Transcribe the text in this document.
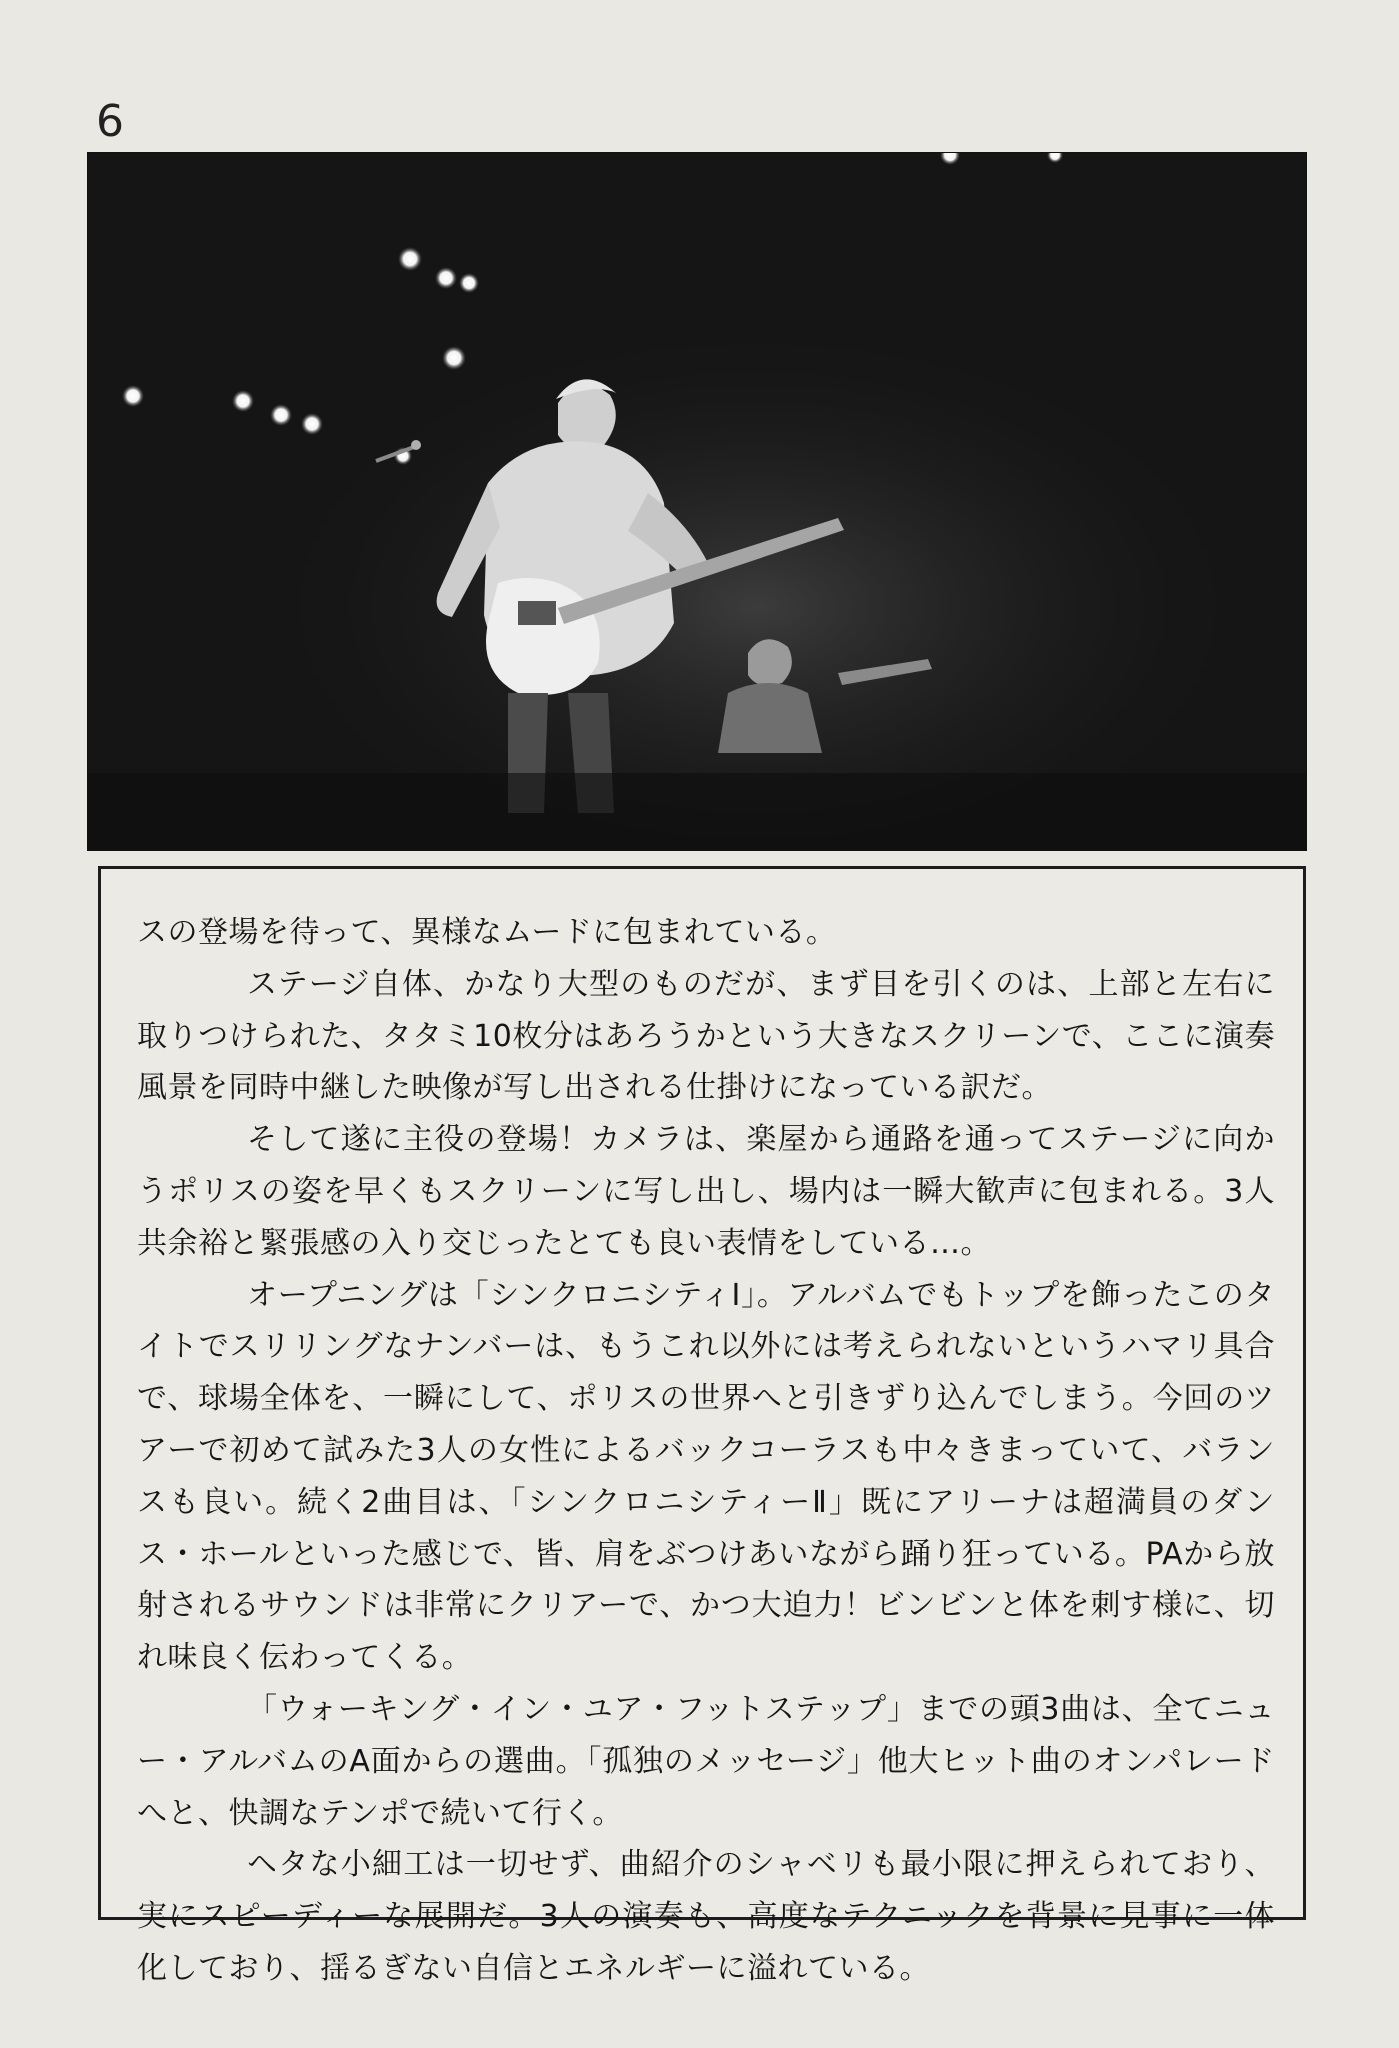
6

スの登場を待って、異様なムードに包まれている。

ステージ自体、かなり大型のものだが、まず目を引くのは、上部と左右に取りつけられた、タタミ10枚分はあろうかという大きなスクリーンで、ここに演奏風景を同時中継した映像が写し出される仕掛けになっている訳だ。

そして遂に主役の登場！カメラは、楽屋から通路を通ってステージに向かうポリスの姿を早くもスクリーンに写し出し、場内は一瞬大歓声に包まれる。3人共余裕と緊張感の入り交じったとても良い表情をしている…。

オープニングは「シンクロニシティⅠ」。アルバムでもトップを飾ったこのタイトでスリリングなナンバーは、もうこれ以外には考えられないというハマリ具合で、球場全体を、一瞬にして、ポリスの世界へと引きずり込んでしまう。今回のツアーで初めて試みた3人の女性によるバックコーラスも中々きまっていて、バランスも良い。続く2曲目は、「シンクロニシティーⅡ」既にアリーナは超満員のダンス・ホールといった感じで、皆、肩をぶつけあいながら踊り狂っている。PAから放射されるサウンドは非常にクリアーで、かつ大迫力！ビンビンと体を刺す様に、切れ味良く伝わってくる。

「ウォーキング・イン・ユア・フットステップ」までの頭3曲は、全てニュー・アルバムのA面からの選曲。「孤独のメッセージ」他大ヒット曲のオンパレードへと、快調なテンポで続いて行く。

ヘタな小細工は一切せず、曲紹介のシャベリも最小限に押えられており、実にスピーディーな展開だ。3人の演奏も、高度なテクニックを背景に見事に一体化しており、揺るぎない自信とエネルギーに溢れている。
